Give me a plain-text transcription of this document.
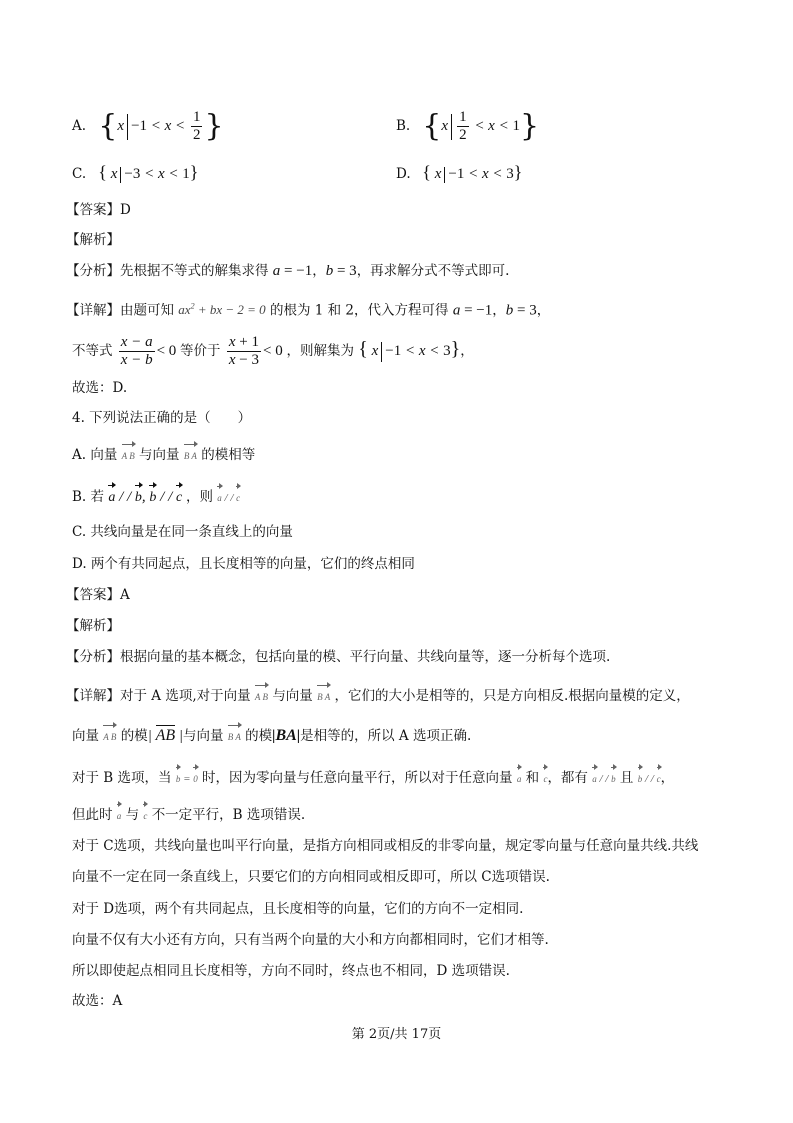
A. {$x -1 < x < \frac{1}{2}$ }	B. $\{x \frac{1}{2} < x < 1\}$
C. { x −3 < x < 1}	D. { x −1 < x < 3}
【答案】D
【解析】
【分析】先根据不等式的解集求得 a = −1，b = 3，再求解分式不等式即可.
【详解】由题可知 $ax^2$ + bx − 2 = 0 的根为 1 和 2，代入方程可得 a = −1，b = 3，
不等式 $\frac{x - a}{x - b} < 0$ 等价于 $\frac{x + 1}{x - 3} < 0$ ，则解集为 { x −1 < x < 3}，
故选：D.
4. 下列说法正确的是（　　）
A. 向量 A B 与向量 B A 的模相等
B. 若 a / / b, b / / c ，则 a / / c
C. 共线向量是在同一条直线上的向量
D. 两个有共同起点，且长度相等的向量，它们的终点相同
【答案】A
【解析】
【分析】根据向量的基本概念，包括向量的模、平行向量、共线向量等，逐一分析每个选项.
【详解】对于 A 选项,对于向量 A B 与向量 B A ，它们的大小是相等的，只是方向相反.根据向量模的定义，
向量 A B 的模| AB |与向量 B A 的模|BA|是相等的，所以 A 选项正确.
对于 B 选项，当 b = 0 时，因为零向量与任意向量平行，所以对于任意向量 a 和 c，都有 a / / b 且 b / / c，
但此时 a 与 c 不一定平行，B 选项错误.
对于 C选项，共线向量也叫平行向量，是指方向相同或相反的非零向量，规定零向量与任意向量共线.共线
向量不一定在同一条直线上，只要它们的方向相同或相反即可，所以 C选项错误.
对于 D选项，两个有共同起点，且长度相等的向量，它们的方向不一定相同.
向量不仅有大小还有方向，只有当两个向量的大小和方向都相同时，它们才相等.
所以即使起点相同且长度相等，方向不同时，终点也不相同，D 选项错误.
故选：A
第 2页/共 17页
